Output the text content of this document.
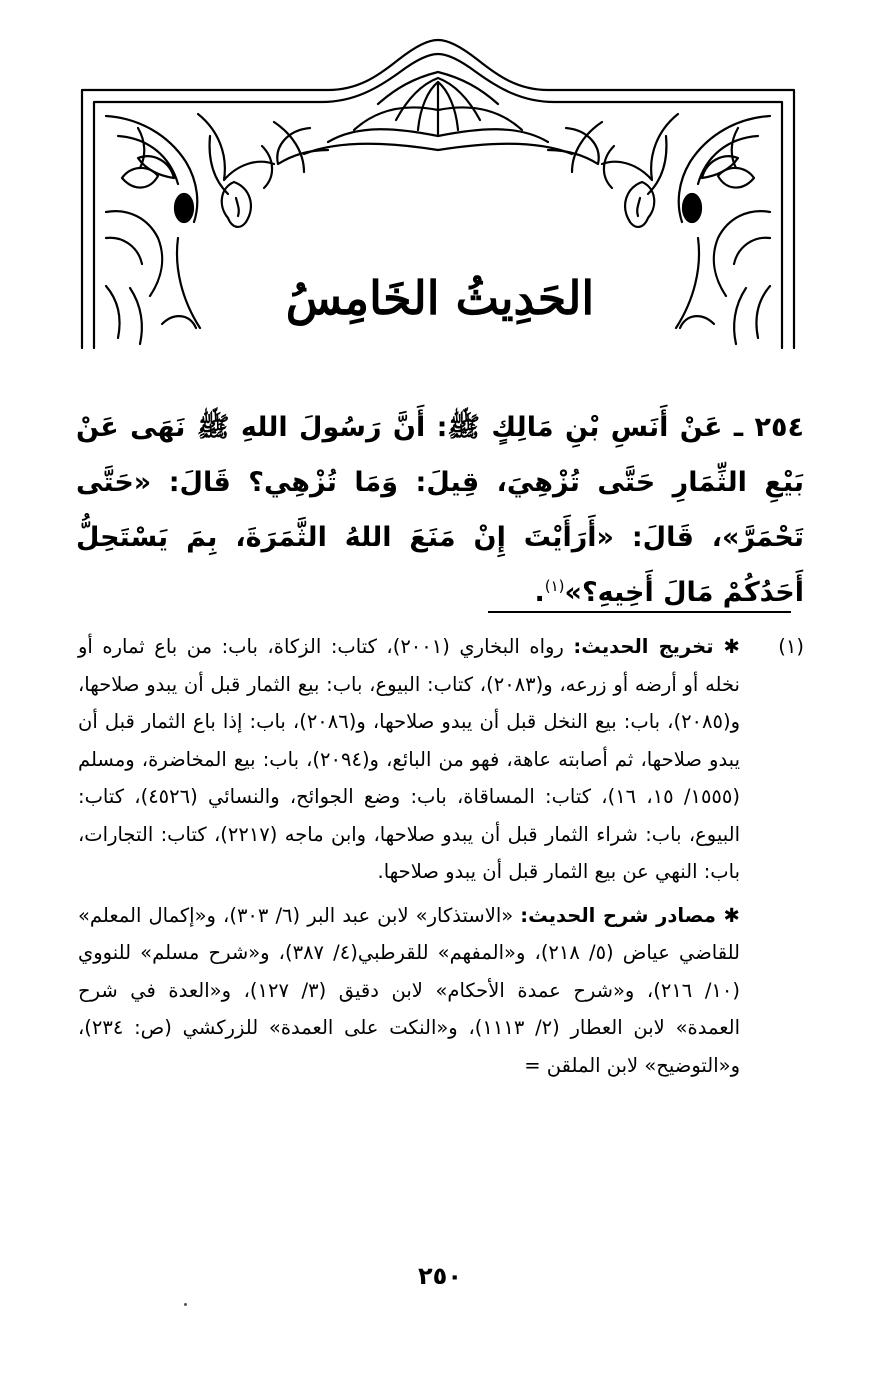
الحَدِيثُ الخَامِسُ
٢٥٤ ـ عَنْ أَنَسِ بْنِ مَالِكٍ ﷺ: أَنَّ رَسُولَ اللهِ ﷺ نَهَى عَنْ بَيْعِ الثِّمَارِ حَتَّى تُزْهِيَ، قِيلَ: وَمَا تُزْهِي؟ قَالَ: «حَتَّى تَحْمَرَّ»، قَالَ: «أَرَأَيْتَ إِنْ مَنَعَ اللهُ الثَّمَرَةَ، بِمَ يَسْتَحِلُّ أَحَدُكُمْ مَالَ أَخِيهِ؟»$^{(١)}$.
(١)

✱ تخريج الحديث: رواه البخاري (٢٠٠١)، كتاب: الزكاة، باب: من باع ثماره أو نخله أو أرضه أو زرعه، و(٢٠٨٣)، كتاب: البيوع، باب: بيع الثمار قبل أن يبدو صلاحها، و(٢٠٨٥)، باب: بيع النخل قبل أن يبدو صلاحها، و(٢٠٨٦)، باب: إذا باع الثمار قبل أن يبدو صلاحها، ثم أصابته عاهة، فهو من البائع، و(٢٠٩٤)، باب: بيع المخاضرة، ومسلم (١٥٥٥/ ١٥، ١٦)، كتاب: المساقاة، باب: وضع الجوائح، والنسائي (٤٥٢٦)، كتاب: البيوع، باب: شراء الثمار قبل أن يبدو صلاحها، وابن ماجه (٢٢١٧)، كتاب: التجارات، باب: النهي عن بيع الثمار قبل أن يبدو صلاحها.

✱ مصادر شرح الحديث: «الاستذكار» لابن عبد البر (٦/ ٣٠٣)، و«إكمال المعلم» للقاضي عياض (٥/ ٢١٨)، و«المفهم» للقرطبي(٤/ ٣٨٧)، و«شرح مسلم» للنووي (١٠/ ٢١٦)، و«شرح عمدة الأحكام» لابن دقيق (٣/ ١٢٧)، و«العدة في شرح العمدة» لابن العطار (٢/ ١١١٣)، و«النكت على العمدة» للزركشي (ص: ٢٣٤)، و«التوضيح» لابن الملقن =

٢٥٠
